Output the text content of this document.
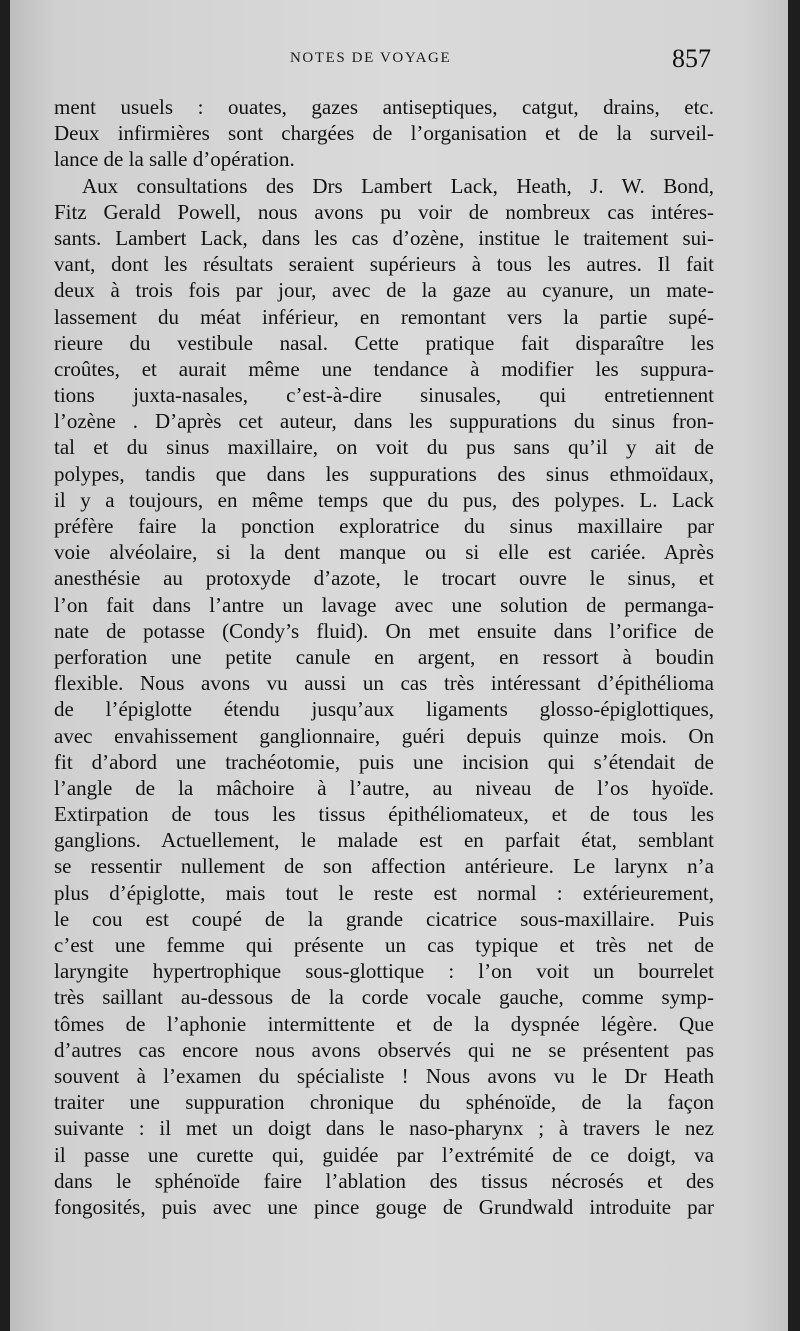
NOTES DE VOYAGE	857
ment usuels : ouates, gazes antiseptiques, catgut, drains, etc.
Deux infirmières sont chargées de l’organisation et de la surveil-
lance de la salle d’opération.
Aux consultations des Drs Lambert Lack, Heath, J. W. Bond,
Fitz Gerald Powell, nous avons pu voir de nombreux cas intéres-
sants. Lambert Lack, dans les cas d’ozène, institue le traitement sui-
vant, dont les résultats seraient supérieurs à tous les autres. Il fait
deux à trois fois par jour, avec de la gaze au cyanure, un mate-
lassement du méat inférieur, en remontant vers la partie supé-
rieure du vestibule nasal. Cette pratique fait disparaître les
croûtes, et aurait même une tendance à modifier les suppura-
tions juxta-nasales, c’est-à-dire sinusales, qui entretiennent
l’ozène . D’après cet auteur, dans les suppurations du sinus fron-
tal et du sinus maxillaire, on voit du pus sans qu’il y ait de
polypes, tandis que dans les suppurations des sinus ethmoïdaux,
il y a toujours, en même temps que du pus, des polypes. L. Lack
préfère faire la ponction exploratrice du sinus maxillaire par
voie alvéolaire, si la dent manque ou si elle est cariée. Après
anesthésie au protoxyde d’azote, le trocart ouvre le sinus, et
l’on fait dans l’antre un lavage avec une solution de permanga-
nate de potasse (Condy’s fluid). On met ensuite dans l’orifice de
perforation une petite canule en argent, en ressort à boudin
flexible. Nous avons vu aussi un cas très intéressant d’épithélioma
de l’épiglotte étendu jusqu’aux ligaments glosso-épiglottiques,
avec envahissement ganglionnaire, guéri depuis quinze mois. On
fit d’abord une trachéotomie, puis une incision qui s’étendait de
l’angle de la mâchoire à l’autre, au niveau de l’os hyoïde.
Extirpation de tous les tissus épithéliomateux, et de tous les
ganglions. Actuellement, le malade est en parfait état, semblant
se ressentir nullement de son affection antérieure. Le larynx n’a
plus d’épiglotte, mais tout le reste est normal : extérieurement,
le cou est coupé de la grande cicatrice sous-maxillaire. Puis
c’est une femme qui présente un cas typique et très net de
laryngite hypertrophique sous-glottique : l’on voit un bourrelet
très saillant au-dessous de la corde vocale gauche, comme symp-
tômes de l’aphonie intermittente et de la dyspnée légère. Que
d’autres cas encore nous avons observés qui ne se présentent pas
souvent à l’examen du spécialiste ! Nous avons vu le Dr Heath
traiter une suppuration chronique du sphénoïde, de la façon
suivante : il met un doigt dans le naso-pharynx ; à travers le nez
il passe une curette qui, guidée par l’extrémité de ce doigt, va
dans le sphénoïde faire l’ablation des tissus nécrosés et des
fongosités, puis avec une pince gouge de Grundwald introduite par
